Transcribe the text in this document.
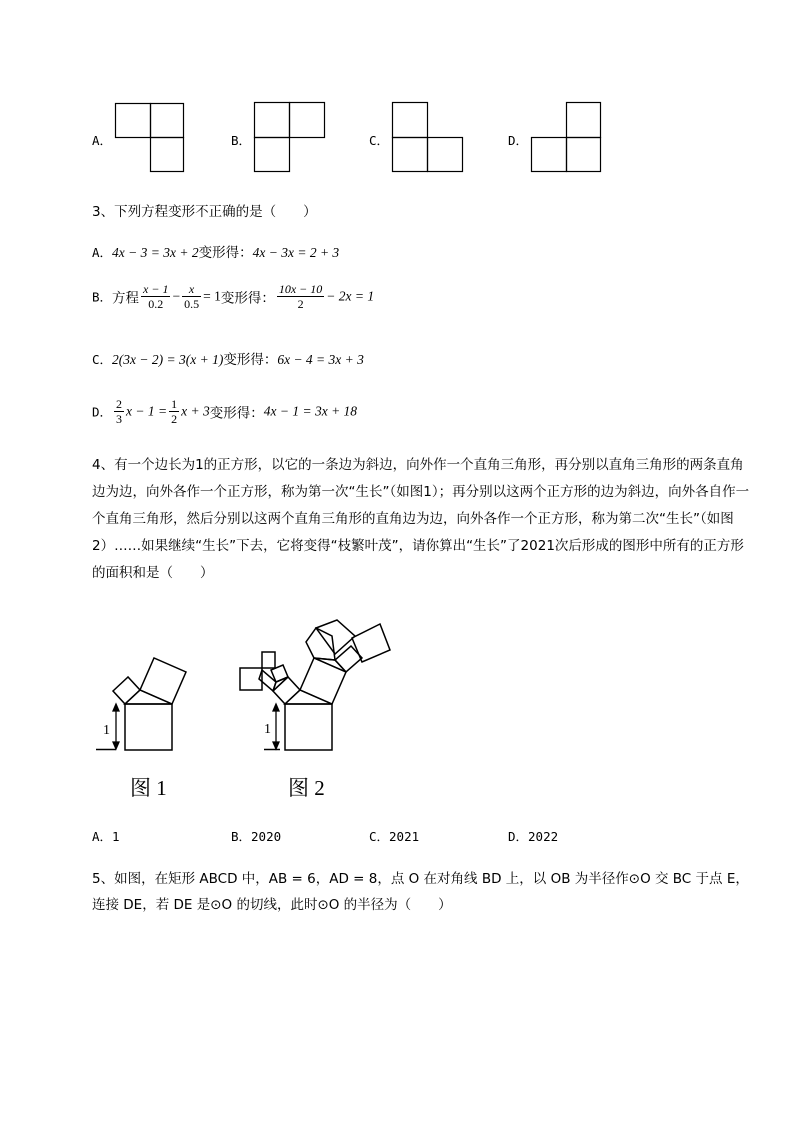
A．	B．	C．	D．
3、下列方程变形不正确的是（　　）
A．4x − 3 = 3x + 2变形得：4x − 3x = 2 + 3
B．方程 $\frac{x - 1}{0.2} - \frac{x}{0.5} = 1$变形得： $\frac{10x - 10}{2} - 2x = 1$
C．2(3x − 2) = 3(x + 1)变形得：6x − 4 = 3x + 3
D． $\frac{2}{3}$ $x - 1 = \frac{1}{2}$ x + 3变形得：4x − 1 = 3x + 18
4、有一个边长为1的正方形，以它的一条边为斜边，向外作一个直角三角形，再分别以直角三角形的两条直角边为边，向外各作一个正方形，称为第一次“生长”（如图1）；再分别以这两个正方形的边为斜边，向外各自作一个直角三角形，然后分别以这两个直角三角形的直角边为边，向外各作一个正方形，称为第二次“生长”（如图2）……如果继续“生长”下去，它将变得“枝繁叶茂”，请你算出“生长”了2021次后形成的图形中所有的正方形的面积和是（　　）
1
图 1
1
图 2
A．1	B．2020	C．2021	D．2022
5、如图，在矩形 ABCD 中，AB = 6，AD = 8，点 O 在对角线 BD 上，以 OB 为半径作⊙O 交 BC 于点 E，
连接 DE，若 DE 是⊙O 的切线，此时⊙O 的半径为（　　）
